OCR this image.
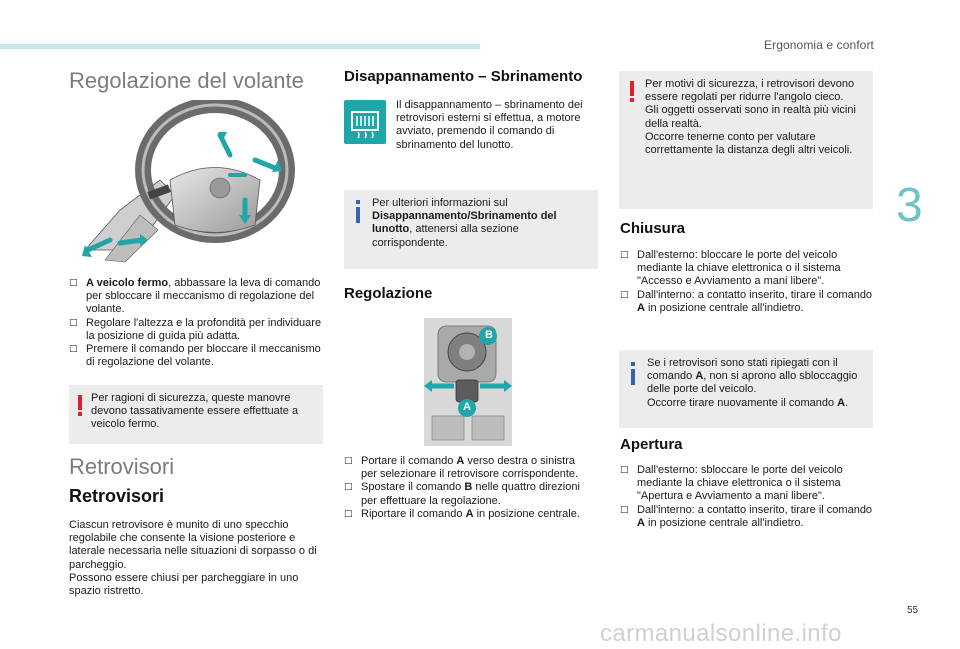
Ergonomia e confort
3
Regolazione del volante
□ A veicolo fermo, abbassare la leva di comando per sbloccare il meccanismo di regolazione del volante.
□ Regolare l'altezza e la profondità per individuare la posizione di guida più adatta.
□ Premere il comando per bloccare il meccanismo di regolazione del volante.
Per ragioni di sicurezza, queste manovre devono tassativamente essere effettuate a veicolo fermo.
Retrovisori
Retrovisori
Ciascun retrovisore è munito di uno specchio regolabile che consente la visione posteriore e laterale necessaria nelle situazioni di sorpasso o di parcheggio.
Possono essere chiusi per parcheggiare in uno spazio ristretto.
Disappannamento – Sbrinamento
Il disappannamento – sbrinamento dei retrovisori esterni si effettua, a motore avviato, premendo il comando di sbrinamento del lunotto.
Per ulteriori informazioni sul Disappannamento/Sbrinamento del lunotto, attenersi alla sezione corrispondente.
Regolazione
B
A
□ Portare il comando A verso destra o sinistra per selezionare il retrovisore corrispondente.
□ Spostare il comando B nelle quattro direzioni per effettuare la regolazione.
□ Riportare il comando A in posizione centrale.
Per motivi di sicurezza, i retrovisori devono essere regolati per ridurre l'angolo cieco.
Gli oggetti osservati sono in realtà più vicini della realtà.
Occorre tenerne conto per valutare correttamente la distanza degli altri veicoli.
Chiusura
□ Dall'esterno: bloccare le porte del veicolo mediante la chiave elettronica o il sistema "Accesso e Avviamento a mani libere".
□ Dall'interno: a contatto inserito, tirare il comando A in posizione centrale all'indietro.
Se i retrovisori sono stati ripiegati con il comando A, non si aprono allo sbloccaggio delle porte del veicolo.
Occorre tirare nuovamente il comando A.
Apertura
□ Dall'esterno: sbloccare le porte del veicolo mediante la chiave elettronica o il sistema "Apertura e Avviamento a mani libere".
□ Dall'interno: a contatto inserito, tirare il comando A in posizione centrale all'indietro.
55
carmanualsonline.info
